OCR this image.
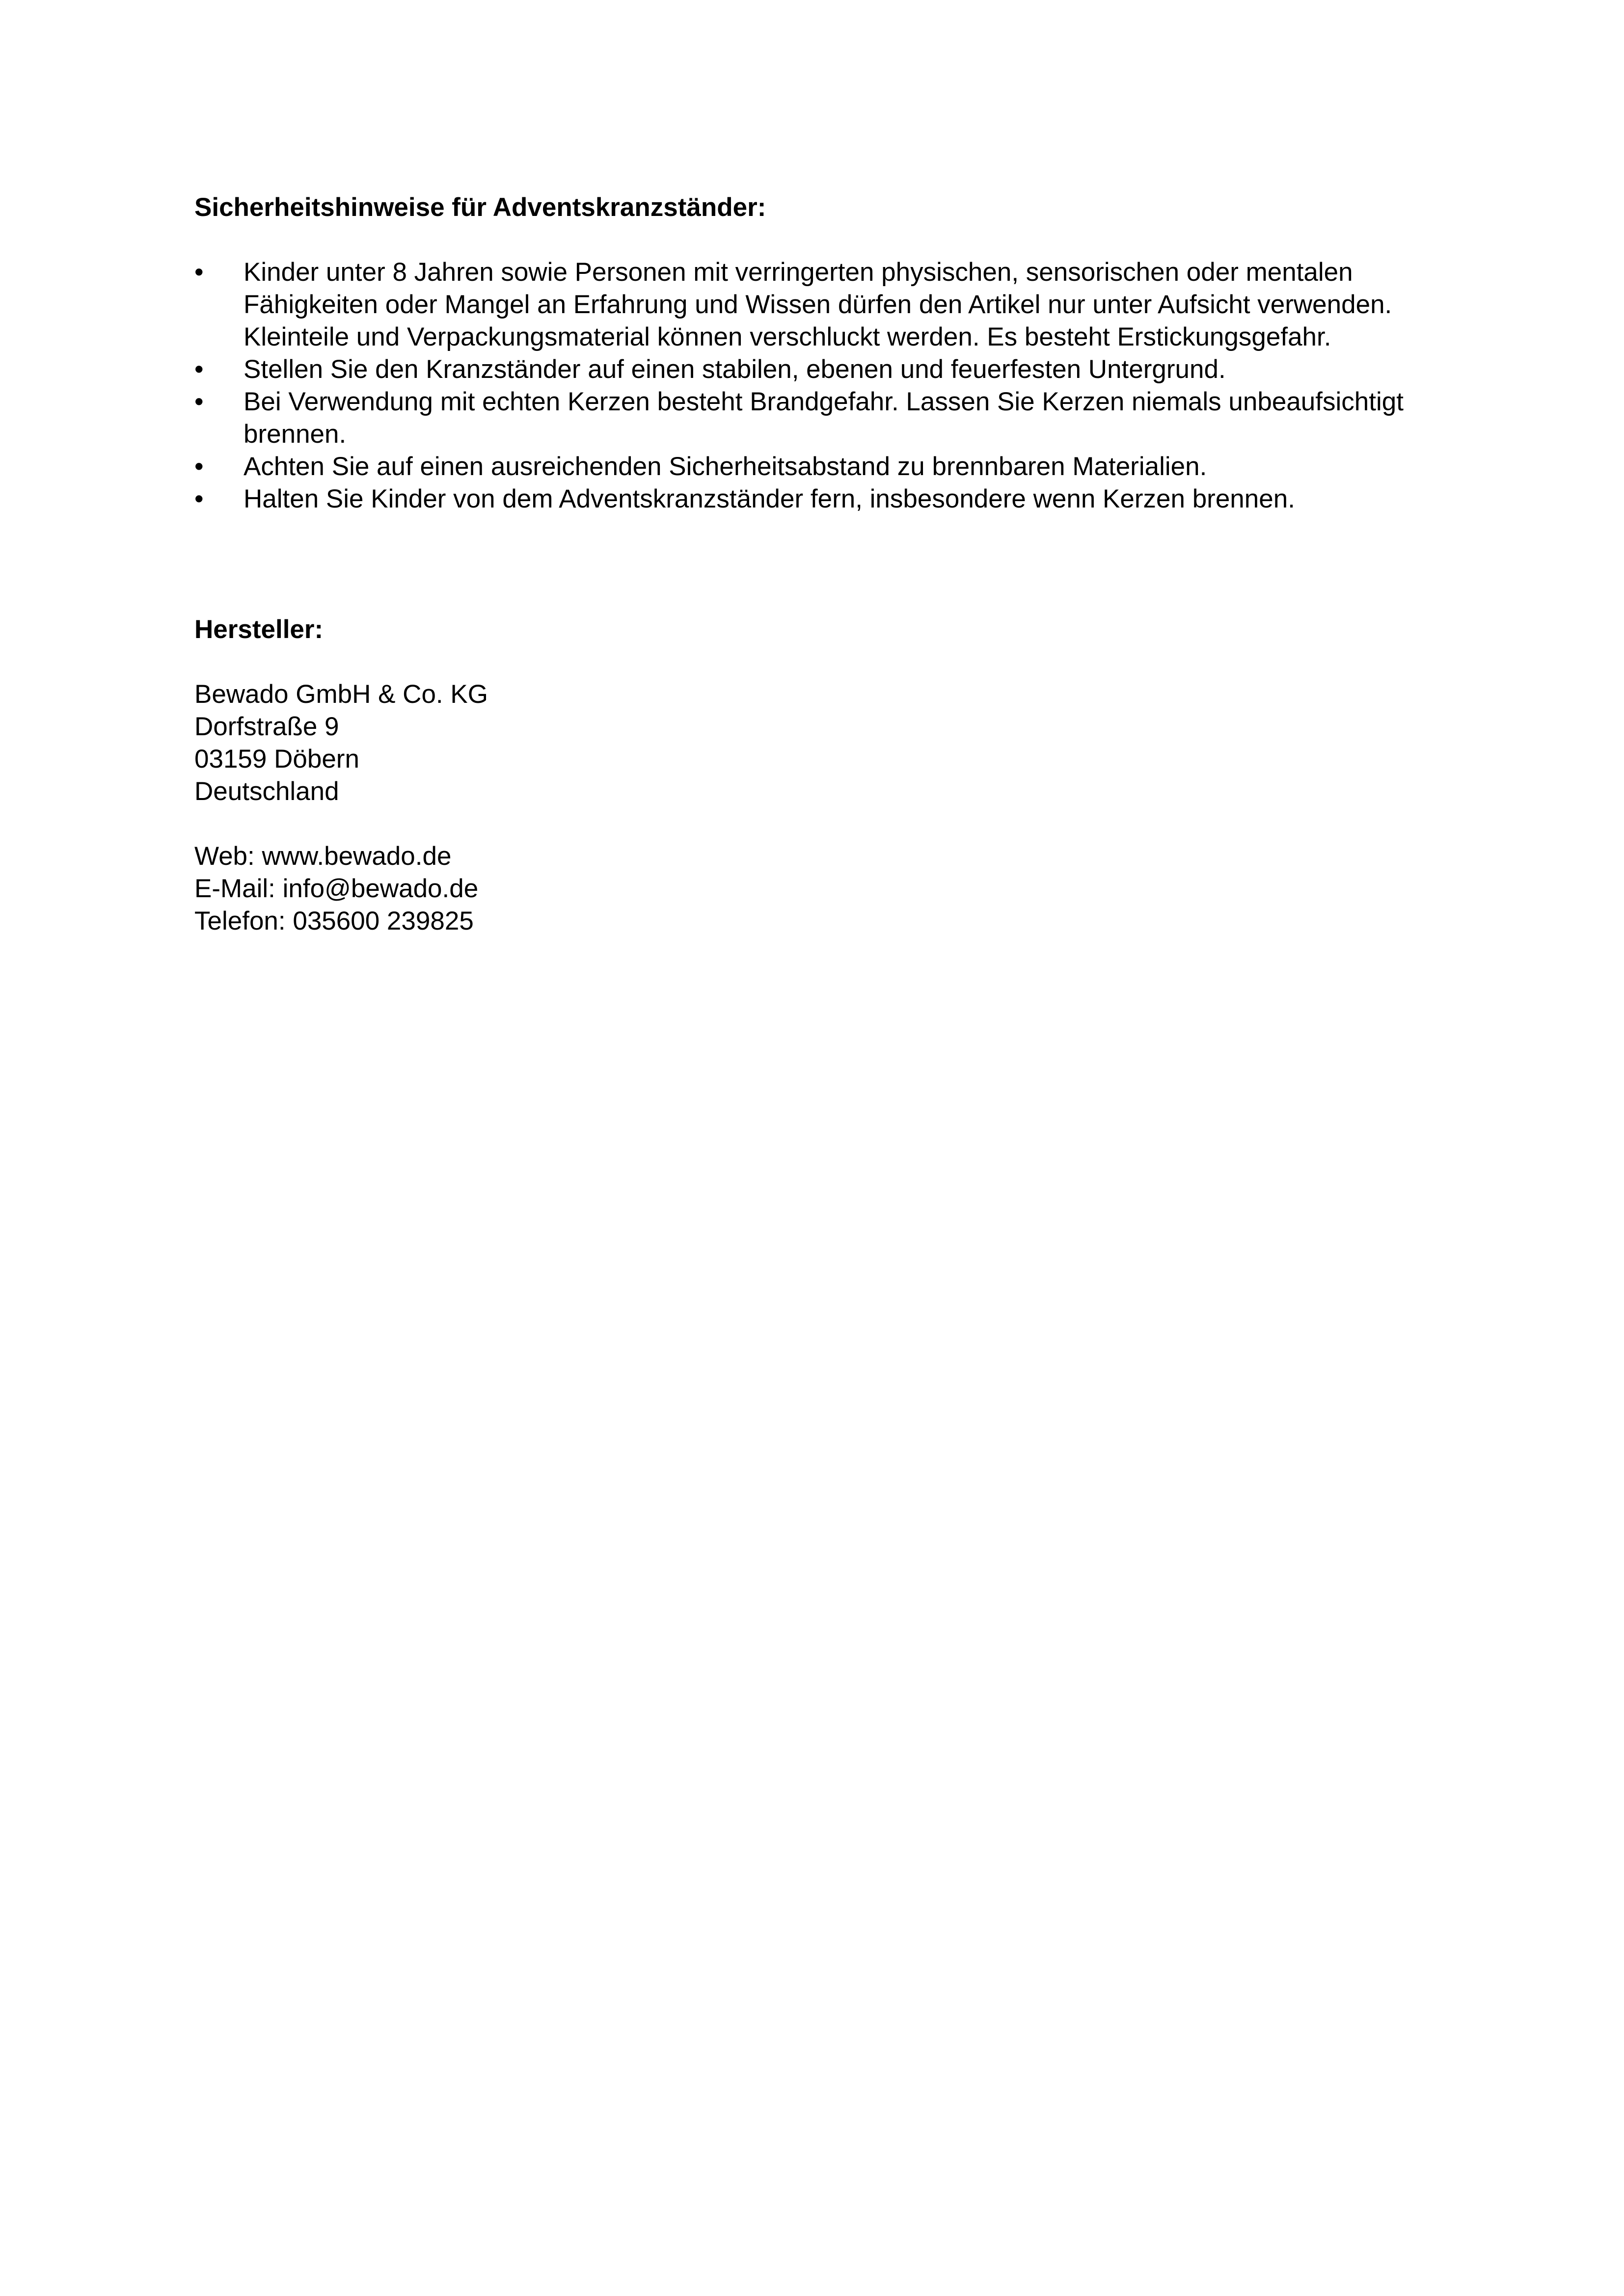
Sicherheitshinweise für Adventskranzständer:

• Kinder unter 8 Jahren sowie Personen mit verringerten physischen, sensorischen oder mentalen Fähigkeiten oder Mangel an Erfahrung und Wissen dürfen den Artikel nur unter Aufsicht verwenden. Kleinteile und Verpackungsmaterial können verschluckt werden. Es besteht Erstickungsgefahr.
• Stellen Sie den Kranzständer auf einen stabilen, ebenen und feuerfesten Untergrund.
• Bei Verwendung mit echten Kerzen besteht Brandgefahr. Lassen Sie Kerzen niemals unbeaufsichtigt brennen.
• Achten Sie auf einen ausreichenden Sicherheitsabstand zu brennbaren Materialien.
• Halten Sie Kinder von dem Adventskranzständer fern, insbesondere wenn Kerzen brennen.

Hersteller:

Bewado GmbH & Co. KG
Dorfstraße 9
03159 Döbern
Deutschland
Web: www.bewado.de
E-Mail: info@bewado.de
Telefon: 035600 239825
